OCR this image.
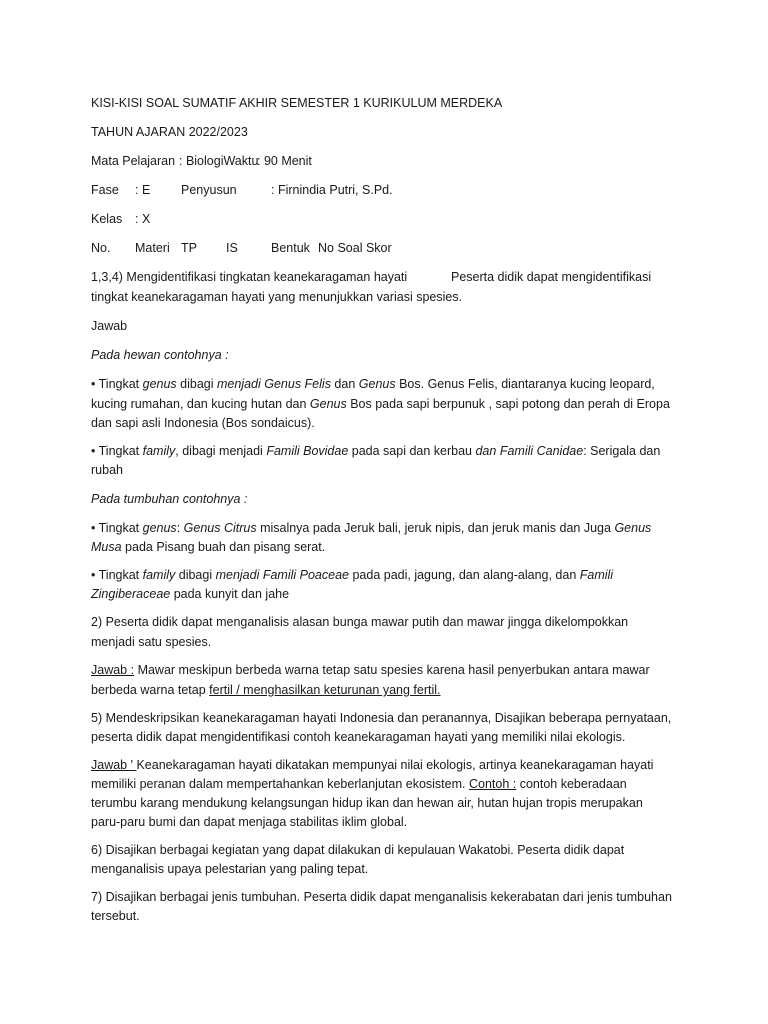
KISI-KISI SOAL SUMATIF AKHIR SEMESTER 1 KURIKULUM MERDEKA

TAHUN AJARAN 2022/2023

Mata Pelajaran : BiologiWaktu
: 90 Menit

Fase : E Penyusun	: Firnindia Putri, S.Pd.

Kelas : X

No. Materi TP IS	Bentuk No Soal Skor

1,3,4) Mengidentifikasi tingkatan keanekaragaman hayati	Peserta didik dapat mengidentifikasi

tingkat keanekaragaman hayati yang menunjukkan variasi spesies.

Jawab

Pada hewan contohnya :

• Tingkat genus dibagi menjadi Genus Felis dan Genus Bos. Genus Felis, diantaranya kucing leopard,

kucing rumahan, dan kucing hutan dan Genus Bos pada sapi berpunuk , sapi potong dan perah di Eropa

dan sapi asli Indonesia (Bos sondaicus).

• Tingkat family, dibagi menjadi Famili Bovidae pada sapi dan kerbau dan Famili Canidae: Serigala dan

rubah

Pada tumbuhan contohnya :

• Tingkat genus: Genus Citrus misalnya pada Jeruk bali, jeruk nipis, dan jeruk manis dan Juga Genus

Musa pada Pisang buah dan pisang serat.

• Tingkat family dibagi menjadi Famili Poaceae pada padi, jagung, dan alang-alang, dan Famili

Zingiberaceae pada kunyit dan jahe

2) Peserta didik dapat menganalisis alasan bunga mawar putih dan mawar jingga dikelompokkan

menjadi satu spesies.

Jawab : Mawar meskipun berbeda warna tetap satu spesies karena hasil penyerbukan antara mawar

berbeda warna tetap fertil / menghasilkan keturunan yang fertil.

5) Mendeskripsikan keanekaragaman hayati Indonesia dan peranannya, Disajikan beberapa pernyataan,

peserta didik dapat mengidentifikasi contoh keanekaragaman hayati yang memiliki nilai ekologis.

Jawab ' Keanekaragaman hayati dikatakan mempunyai nilai ekologis, artinya keanekaragaman hayati

memiliki peranan dalam mempertahankan keberlanjutan ekosistem. Contoh : contoh keberadaan

terumbu karang mendukung kelangsungan hidup ikan dan hewan air, hutan hujan tropis merupakan

paru-paru bumi dan dapat menjaga stabilitas iklim global.

6) Disajikan berbagai kegiatan yang dapat dilakukan di kepulauan Wakatobi. Peserta didik dapat

menganalisis upaya pelestarian yang paling tepat.

7) Disajikan berbagai jenis tumbuhan. Peserta didik dapat menganalisis kekerabatan dari jenis tumbuhan

tersebut.
